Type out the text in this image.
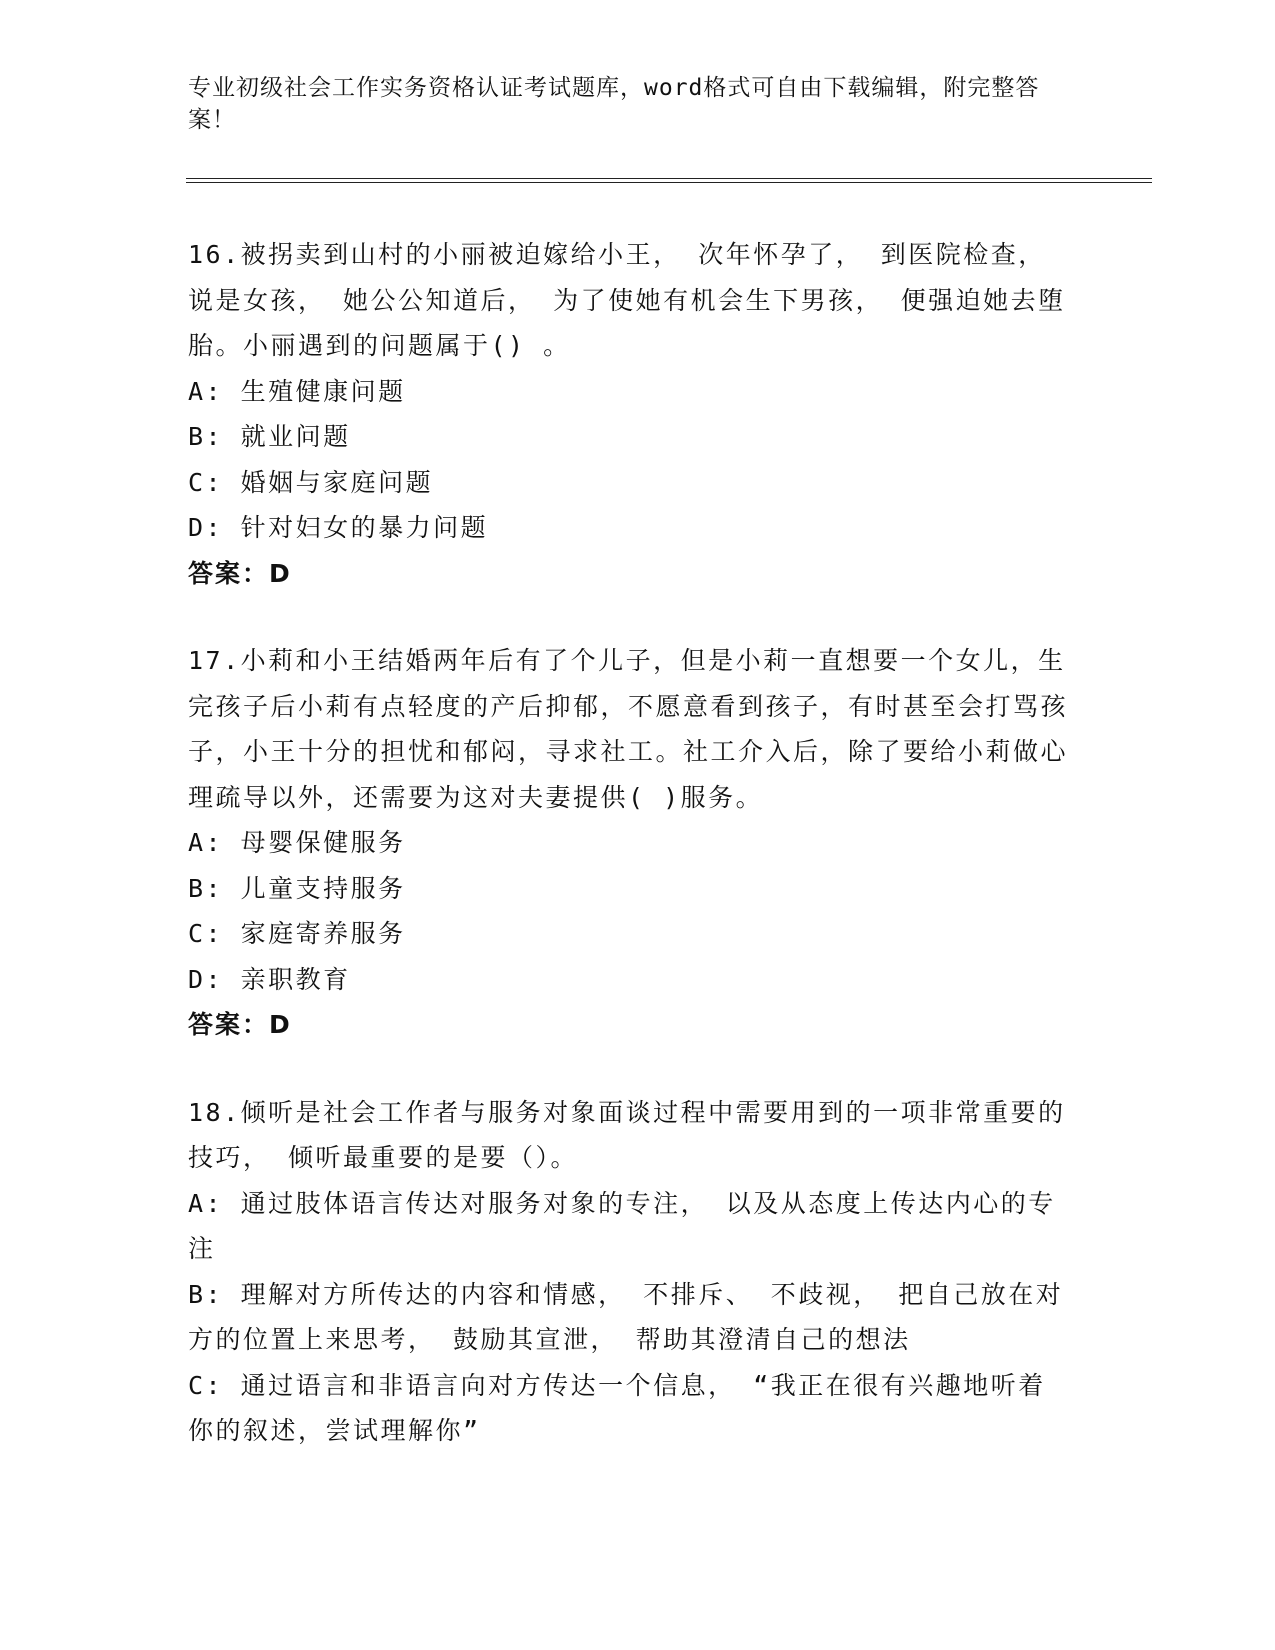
专业初级社会工作实务资格认证考试题库，word格式可自由下载编辑，附完整答案！
16.被拐卖到山村的小丽被迫嫁给小王， 次年怀孕了， 到医院检查，说是女孩， 她公公知道后， 为了使她有机会生下男孩， 便强迫她去堕胎。小丽遇到的问题属于() 。
A: 生殖健康问题
B: 就业问题
C: 婚姻与家庭问题
D: 针对妇女的暴力问题
答案：D
17.小莉和小王结婚两年后有了个儿子，但是小莉一直想要一个女儿，生完孩子后小莉有点轻度的产后抑郁，不愿意看到孩子，有时甚至会打骂孩子，小王十分的担忧和郁闷，寻求社工。社工介入后，除了要给小莉做心理疏导以外，还需要为这对夫妻提供( )服务。
A: 母婴保健服务
B: 儿童支持服务
C: 家庭寄养服务
D: 亲职教育
答案：D
18.倾听是社会工作者与服务对象面谈过程中需要用到的一项非常重要的技巧， 倾听最重要的是要（）。
A: 通过肢体语言传达对服务对象的专注， 以及从态度上传达内心的专注
B: 理解对方所传达的内容和情感， 不排斥、 不歧视， 把自己放在对方的位置上来思考， 鼓励其宣泄， 帮助其澄清自己的想法
C: 通过语言和非语言向对方传达一个信息， “我正在很有兴趣地听着你的叙述，尝试理解你”
